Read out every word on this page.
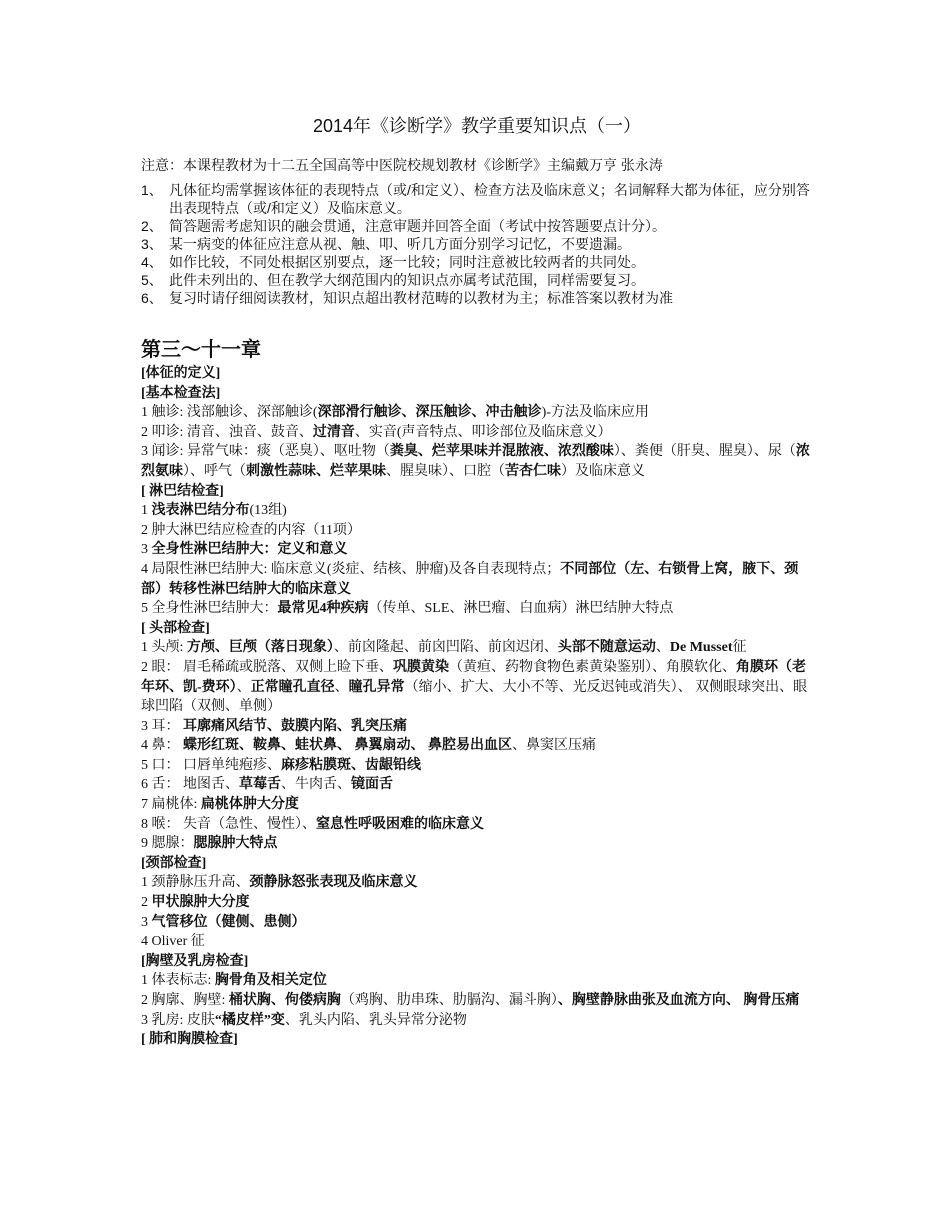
2014年《诊断学》教学重要知识点（一）
注意：本课程教材为十二五全国高等中医院校规划教材《诊断学》主编戴万亨 张永涛
1、 凡体征均需掌握该体征的表现特点（或/和定义）、检查方法及临床意义；名词解释大都为体征，应分别答出表现特点（或/和定义）及临床意义。
2、 简答题需考虑知识的融会贯通，注意审题并回答全面（考试中按答题要点计分）。
3、 某一病变的体征应注意从视、触、叩、听几方面分别学习记忆，不要遗漏。
4、 如作比较，不同处根据区别要点，逐一比较；同时注意被比较两者的共同处。
5、 此件未列出的、但在教学大纲范围内的知识点亦属考试范围，同样需要复习。
6、 复习时请仔细阅读教材，知识点超出教材范畴的以教材为主；标准答案以教材为准
第三～十一章
[体征的定义]
[基本检查法]
1 触诊: 浅部触诊、深部触诊(深部滑行触诊、深压触诊、冲击触诊)-方法及临床应用
2 叩诊: 清音、浊音、鼓音、过清音、实音(声音特点、叩诊部位及临床意义）
3 闻诊: 异常气味：痰（恶臭）、呕吐物（粪臭、烂苹果味并混脓液、浓烈酸味）、粪便（肝臭、腥臭）、尿（浓烈氨味）、呼气（刺激性蒜味、烂苹果味、腥臭味）、口腔（苦杏仁味）及临床意义
[ 淋巴结检查]
1 浅表淋巴结分布(13组)
2 肿大淋巴结应检查的内容（11项）
3 全身性淋巴结肿大：定义和意义
4 局限性淋巴结肿大: 临床意义(炎症、结核、肿瘤)及各自表现特点；不同部位（左、右锁骨上窝，腋下、颈部）转移性淋巴结肿大的临床意义
5 全身性淋巴结肿大：最常见4种疾病（传单、SLE、淋巴瘤、白血病）淋巴结肿大特点
[ 头部检查]
1 头颅: 方颅、巨颅（落日现象）、前囟隆起、前囟凹陷、前囟迟闭、头部不随意运动、De Musset征
2 眼： 眉毛稀疏或脱落、双侧上睑下垂、巩膜黄染（黄疸、药物食物色素黄染鉴别）、角膜软化、角膜环（老年环、凯-费环）、正常瞳孔直径、瞳孔异常（缩小、扩大、大小不等、光反迟钝或消失）、 双侧眼球突出、眼球凹陷（双侧、单侧）
3 耳： 耳廓痛风结节、鼓膜内陷、乳突压痛
4 鼻： 蝶形红斑、鞍鼻、蛙状鼻、 鼻翼扇动、 鼻腔易出血区、鼻窦区压痛
5 口： 口唇单纯疱疹、麻疹粘膜斑、齿龈铅线
6 舌： 地图舌、草莓舌、牛肉舌、镜面舌
7 扁桃体: 扁桃体肿大分度
8 喉： 失音（急性、慢性）、窒息性呼吸困难的临床意义
9 腮腺：腮腺肿大特点
[颈部检查]
1 颈静脉压升高、颈静脉怒张表现及临床意义
2 甲状腺肿大分度
3 气管移位（健侧、患侧）
4 Oliver 征
[胸壁及乳房检查]
1 体表标志: 胸骨角及相关定位
2 胸廓、胸壁: 桶状胸、佝偻病胸（鸡胸、肋串珠、肋膈沟、漏斗胸）、胸壁静脉曲张及血流方向、 胸骨压痛
3 乳房: 皮肤“橘皮样”变、乳头内陷、乳头异常分泌物
[ 肺和胸膜检查]
